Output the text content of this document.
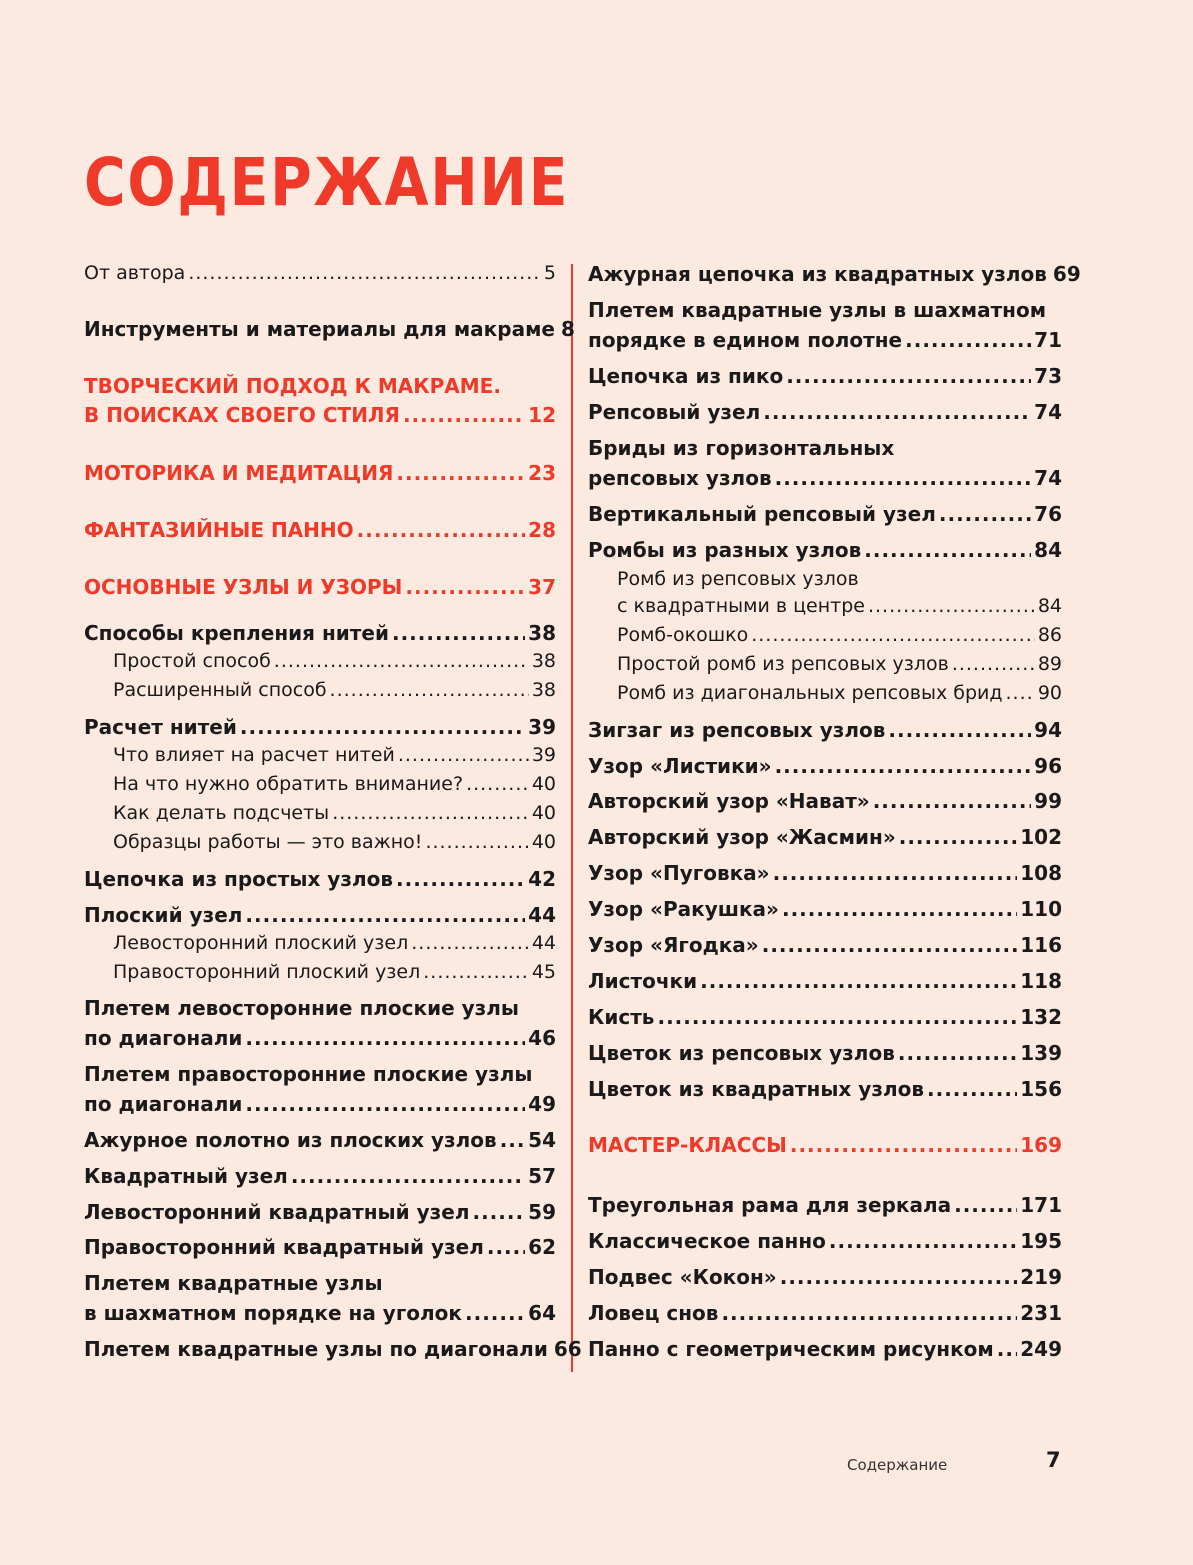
СОДЕРЖАНИЕ
От автора .....	5
Инструменты и материалы для макраме 8
ТВОРЧЕСКИЙ ПОДХОД К МАКРАМЕ.
В ПОИСКАХ СВОЕГО СТИЛЯ .....	12
МОТОРИКА И МЕДИТАЦИЯ .....	23
ФАНТАЗИЙНЫЕ ПАННО .....	28
ОСНОВНЫЕ УЗЛЫ И УЗОРЫ .....	37
Способы крепления нитей .....	38
Простой способ .....	38
Расширенный способ .....	38
Расчет нитей .....	39
Что влияет на расчет нитей .....	39
На что нужно обратить внимание? .....	40
Как делать подсчеты .....	40
Образцы работы — это важно! .....	40
Цепочка из простых узлов .....	42
Плоский узел .....	44
Левосторонний плоский узел .....	44
Правосторонний плоский узел .....	45
Плетем левосторонние плоские узлы
по диагонали .....	46
Плетем правосторонние плоские узлы
по диагонали .....	49
Ажурное полотно из плоских узлов ..... 54
Квадратный узел .....	57
Левосторонний квадратный узел .....	59
Правосторонний квадратный узел ..... 62
Плетем квадратные узлы
в шахматном порядке на уголок .....	64
Плетем квадратные узлы по диагонали 66
Ажурная цепочка из квадратных узлов 69
Плетем квадратные узлы в шахматном
порядке в едином полотне .....	71
Цепочка из пико .....	73
Репсовый узел .....	74
Бриды из горизонтальных
репсовых узлов .....	74
Вертикальный репсовый узел .....	76
Ромбы из разных узлов .....	84
Ромб из репсовых узлов
с квадратными в центре .....	84
Ромб-окошко .....	86
Простой ромб из репсовых узлов .....	89
Ромб из диагональных репсовых брид ..... 90
Зигзаг из репсовых узлов .....	94
Узор «Листики» .....	96
Авторский узор «Нават» .....	99
Авторский узор «Жасмин» .....	102
Узор «Пуговка» .....	108
Узор «Ракушка» .....	110
Узор «Ягодка» .....	116
Листочки .....	118
Кисть .....	132
Цветок из репсовых узлов .....	139
Цветок из квадратных узлов .....	156
МАСТЕР-КЛАССЫ .....	169
Треугольная рама для зеркала .....	171
Классическое панно .....	195
Подвес «Кокон» .....	219
Ловец снов .....	231
Панно с геометрическим рисунком ..... 249
Содержание	7
